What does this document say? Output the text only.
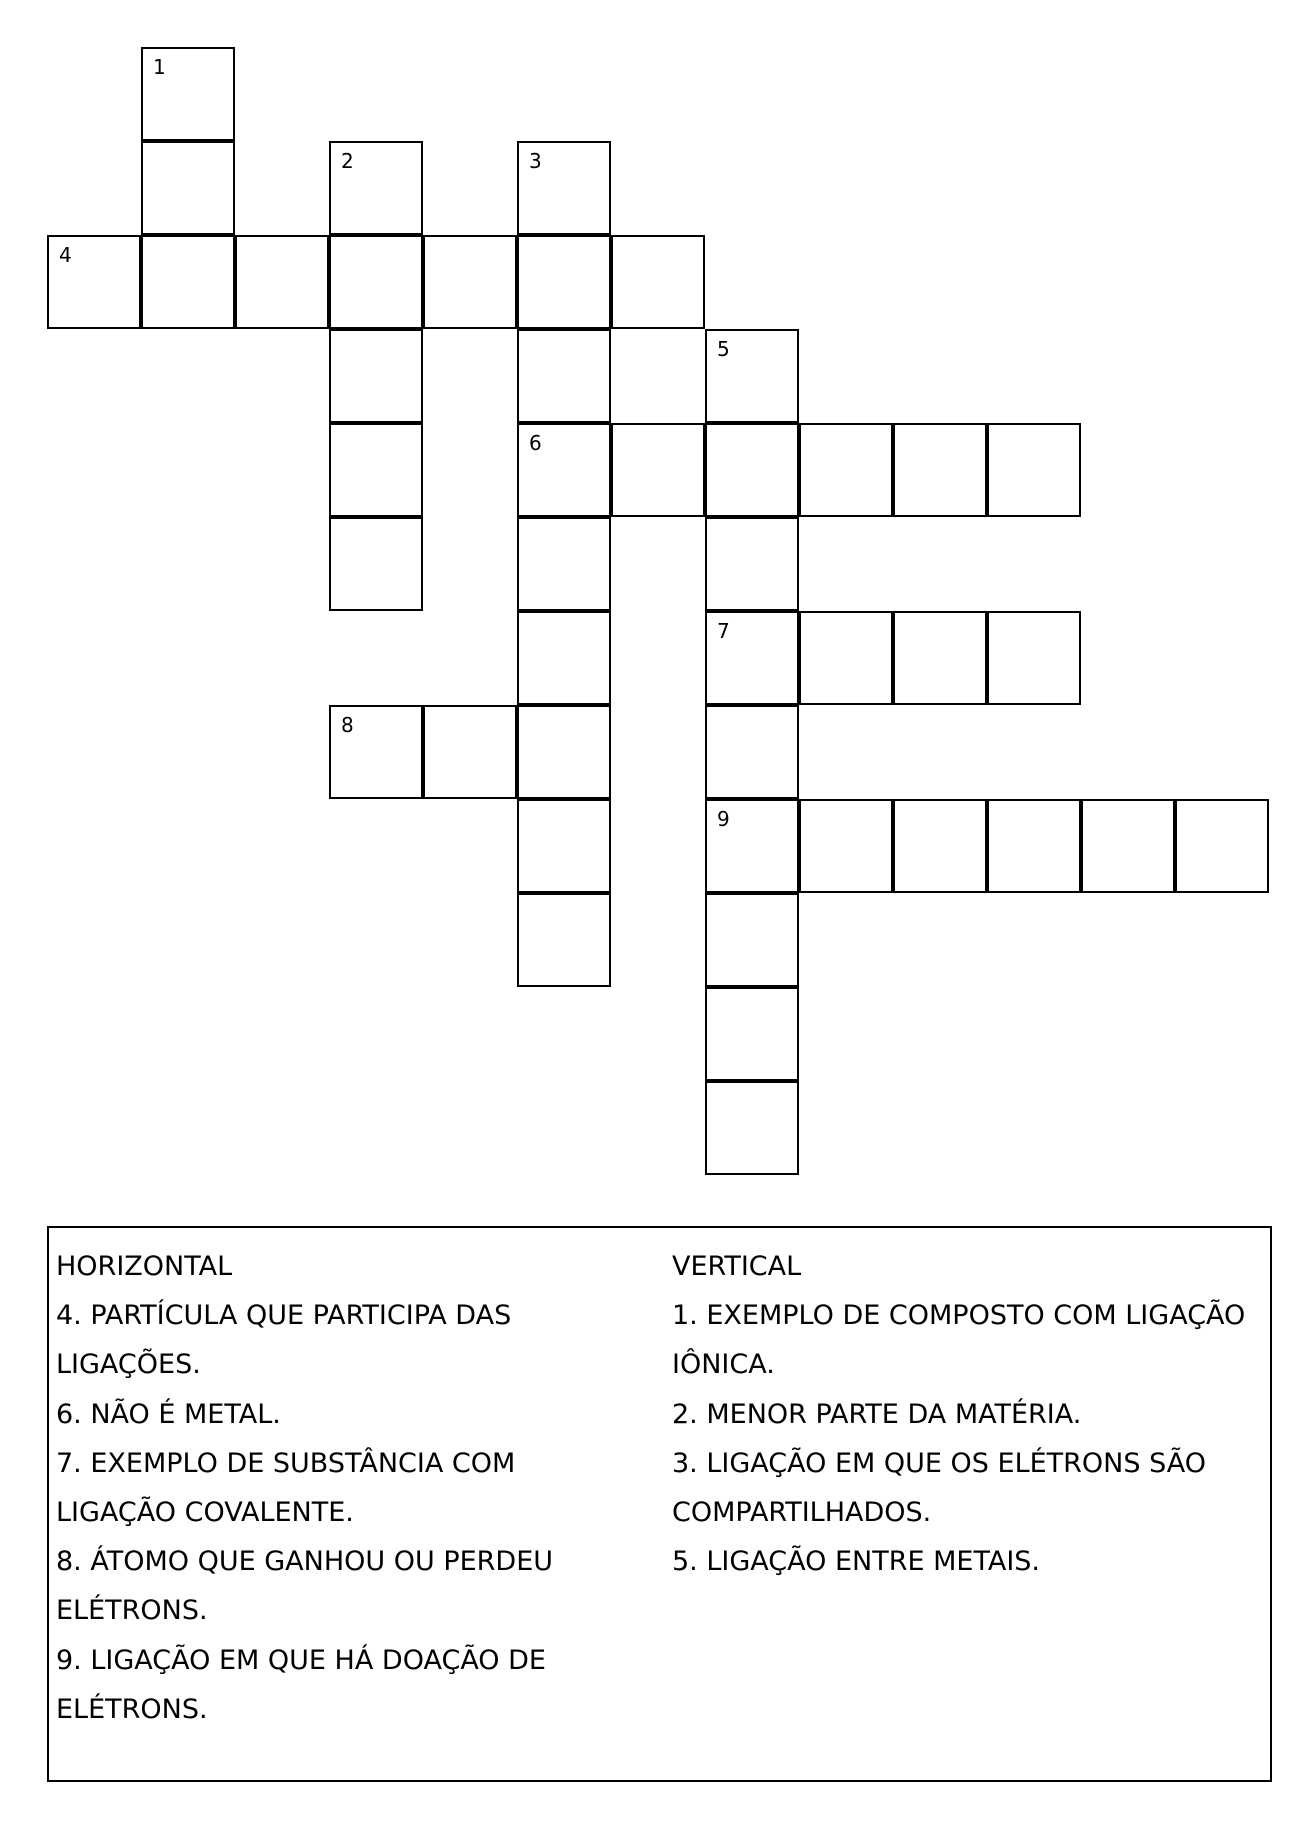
1
2	3
6
4
5
7
9
8
HORIZONTAL
4. PARTÍCULA QUE PARTICIPA DAS
LIGAÇÕES.
6. NÃO É METAL.
7. EXEMPLO DE SUBSTÂNCIA COM
LIGAÇÃO COVALENTE.
8. ÁTOMO QUE GANHOU OU PERDEU
ELÉTRONS.
9. LIGAÇÃO EM QUE HÁ DOAÇÃO DE
ELÉTRONS.
VERTICAL
1. EXEMPLO DE COMPOSTO COM LIGAÇÃO
IÔNICA.
2. MENOR PARTE DA MATÉRIA.
3. LIGAÇÃO EM QUE OS ELÉTRONS SÃO
COMPARTILHADOS.
5. LIGAÇÃO ENTRE METAIS.
